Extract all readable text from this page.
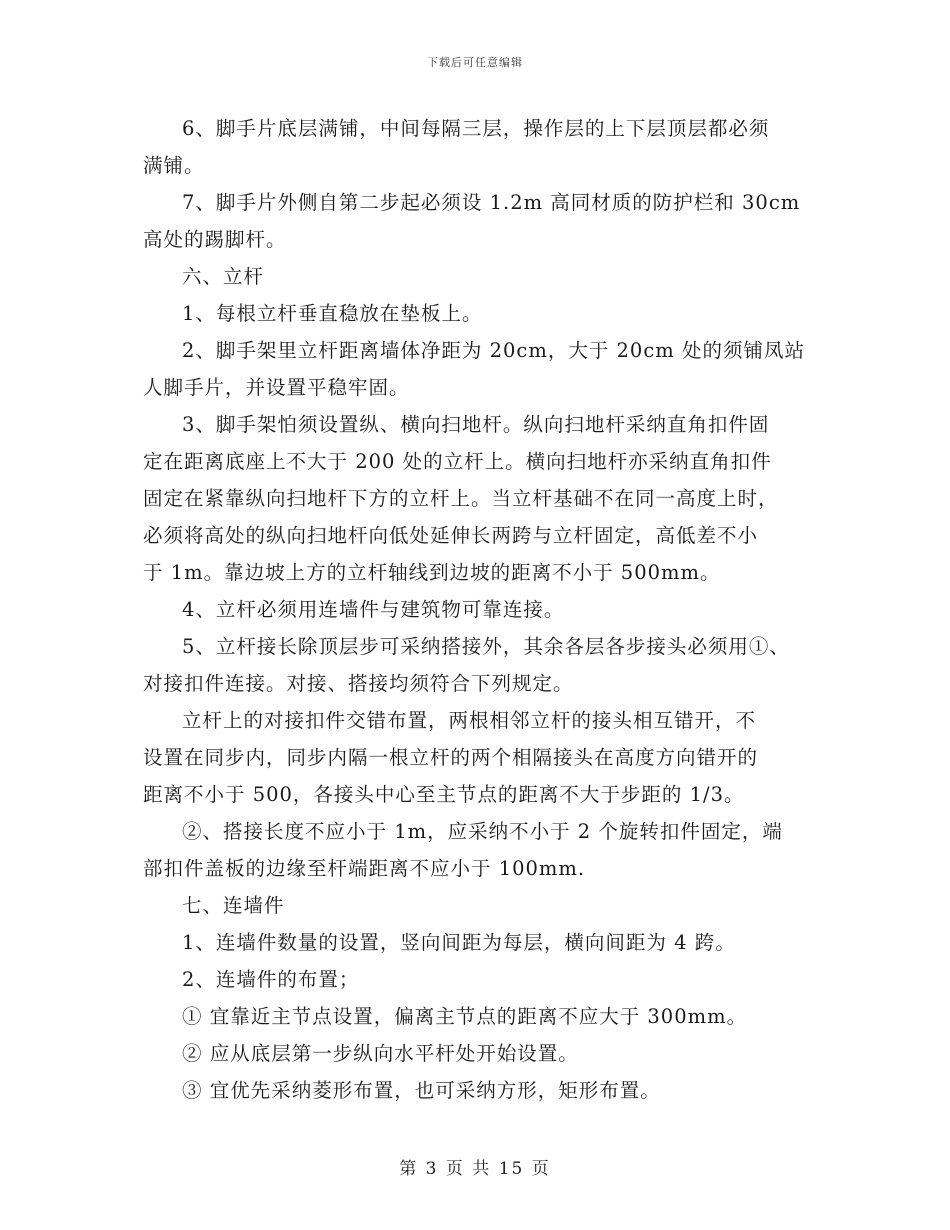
下载后可任意编辑
6、脚手片底层满铺，中间每隔三层，操作层的上下层顶层都必须
满铺。
7、脚手片外侧自第二步起必须设 1.2m 高同材质的防护栏和 30cm
高处的踢脚杆。
六、立杆
1、每根立杆垂直稳放在垫板上。
2、脚手架里立杆距离墙体净距为 20cm，大于 20cm 处的须铺凤站
人脚手片，并设置平稳牢固。
3、脚手架怕须设置纵、横向扫地杆。纵向扫地杆采纳直角扣件固
定在距离底座上不大于 200 处的立杆上。横向扫地杆亦采纳直角扣件
固定在紧靠纵向扫地杆下方的立杆上。当立杆基础不在同一高度上时，
必须将高处的纵向扫地杆向低处延伸长两跨与立杆固定，高低差不小
于 1m。靠边坡上方的立杆轴线到边坡的距离不小于 500mm。
4、立杆必须用连墙件与建筑物可靠连接。
5、立杆接长除顶层步可采纳搭接外，其余各层各步接头必须用①、
对接扣件连接。对接、搭接均须符合下列规定。
立杆上的对接扣件交错布置，两根相邻立杆的接头相互错开，不
设置在同步内，同步内隔一根立杆的两个相隔接头在高度方向错开的
距离不小于 500，各接头中心至主节点的距离不大于步距的 1/3。
②、搭接长度不应小于 1m，应采纳不小于 2 个旋转扣件固定，端
部扣件盖板的边缘至杆端距离不应小于 100mm.
七、连墙件
1、连墙件数量的设置，竖向间距为每层，横向间距为 4 跨。
2、连墙件的布置；
① 宜靠近主节点设置，偏离主节点的距离不应大于 300mm。
② 应从底层第一步纵向水平杆处开始设置。
③ 宜优先采纳菱形布置，也可采纳方形，矩形布置。
第 3 页 共 15 页
